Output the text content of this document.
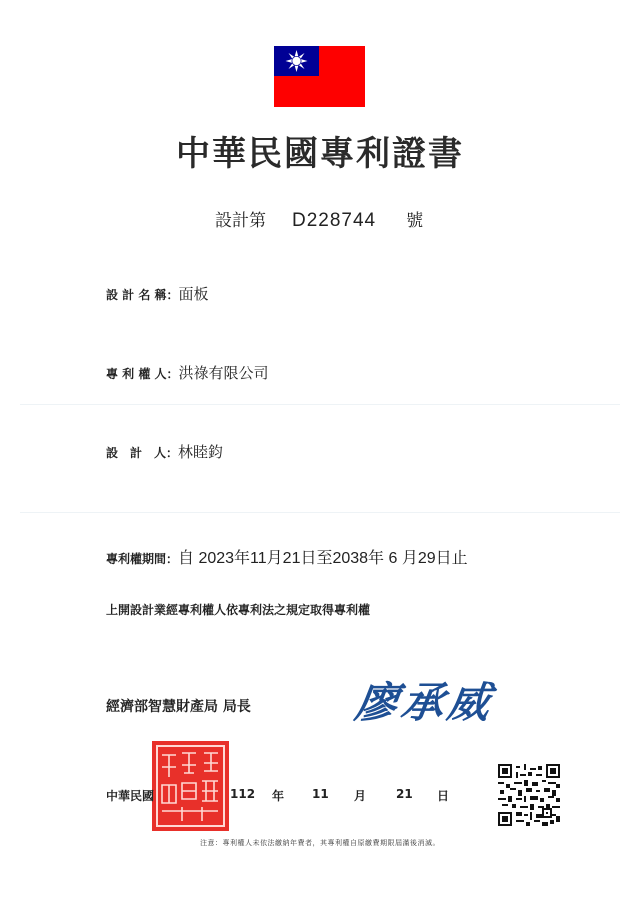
中華民國專利證書
設計第 D228744 號
設 計 名 稱：面板
專 利 權 人：洪祿有限公司
設　計　人：林睦鈞
專利權期間：自 2023年11月21日至2038年 6 月29日止
上開設計業經專利權人依專利法之規定取得專利權
經濟部智慧財產局 局長 廖承威
中華民國	112 年 11 月 21 日
注意：專利權人未依法繳納年費者，其專利權自原繳費期限屆滿後消滅。
